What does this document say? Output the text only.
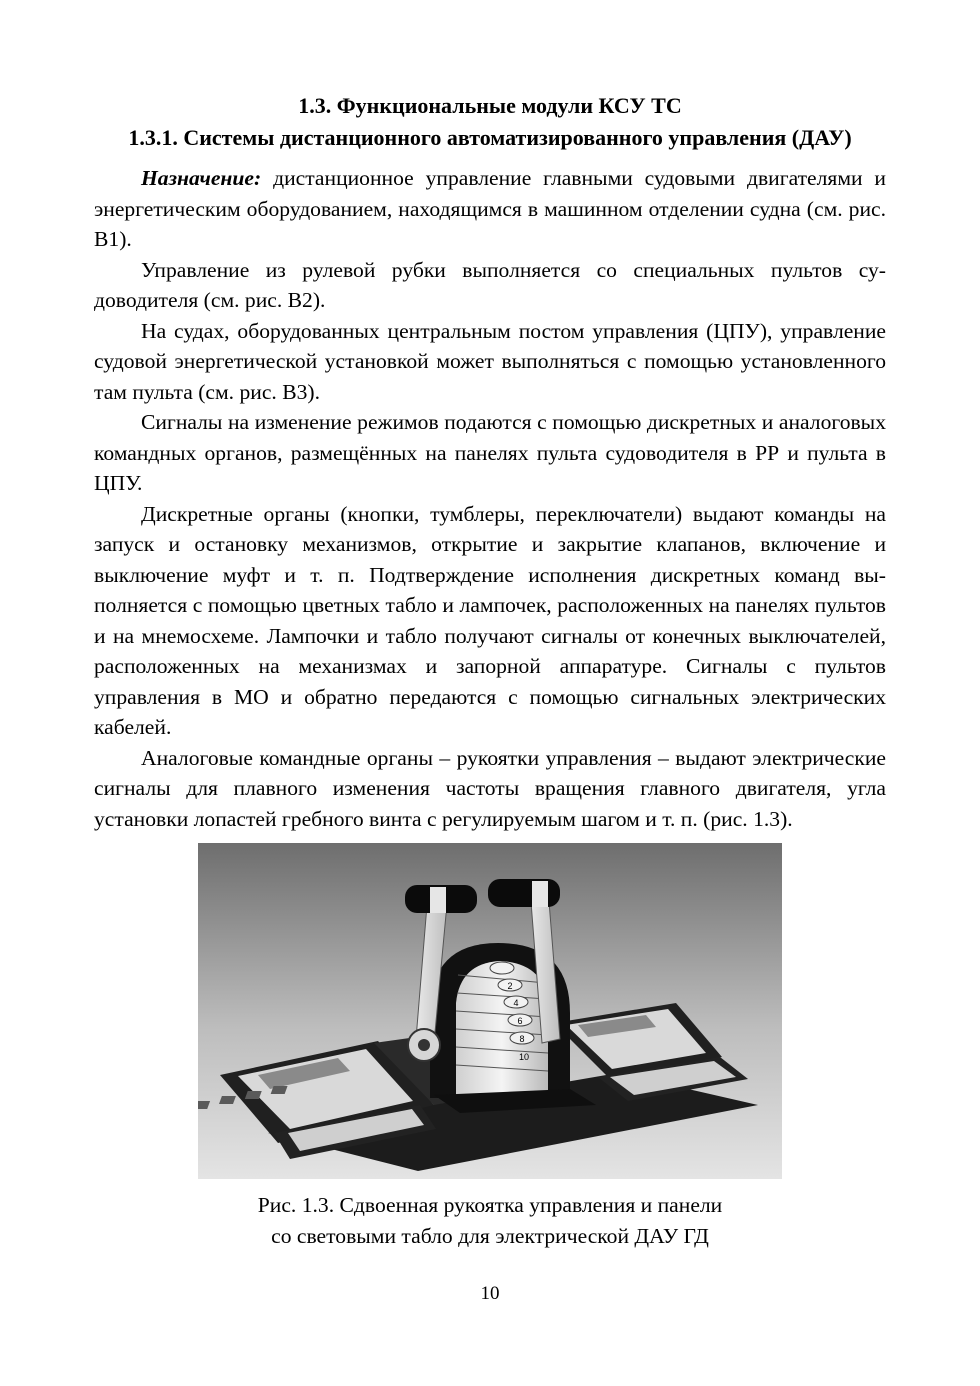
1.3. Функциональные модули КСУ ТС
1.3.1. Системы дистанционного автоматизированного управления (ДАУ)

Назначение: дистанционное управление главными судовыми двигателями и энергетическим оборудованием, находящимся в машинном отделении судна (см. рис. В1).

Управление из рулевой рубки выполняется со специальных пультов судоводителя (см. рис. В2).

На судах, оборудованных центральным постом управления (ЦПУ), управление судовой энергетической установкой может выполняться с помощью установленного там пульта (см. рис. В3).

Сигналы на изменение режимов подаются с помощью дискретных и аналоговых командных органов, размещённых на панелях пульта судоводителя в РР и пульта в ЦПУ.

Дискретные органы (кнопки, тумблеры, переключатели) выдают команды на запуск и остановку механизмов, открытие и закрытие клапанов, включение и выключение муфт и т. п. Подтверждение исполнения дискретных команд выполняется с помощью цветных табло и лампочек, расположенных на панелях пультов и на мнемосхеме. Лампочки и табло получают сигналы от конечных выключателей, расположенных на механизмах и запорной аппаратуре. Сигналы с пультов управления в МО и обратно передаются с помощью сигнальных электрических кабелей.

Аналоговые командные органы – рукоятки управления – выдают электрические сигналы для плавного изменения частоты вращения главного двигателя, угла установки лопастей гребного винта с регулируемым шагом и т. п. (рис. 1.3).

2
4
6
8
10
Рис. 1.3. Сдвоенная рукоятка управления и панели
со световыми табло для электрической ДАУ ГД
10
